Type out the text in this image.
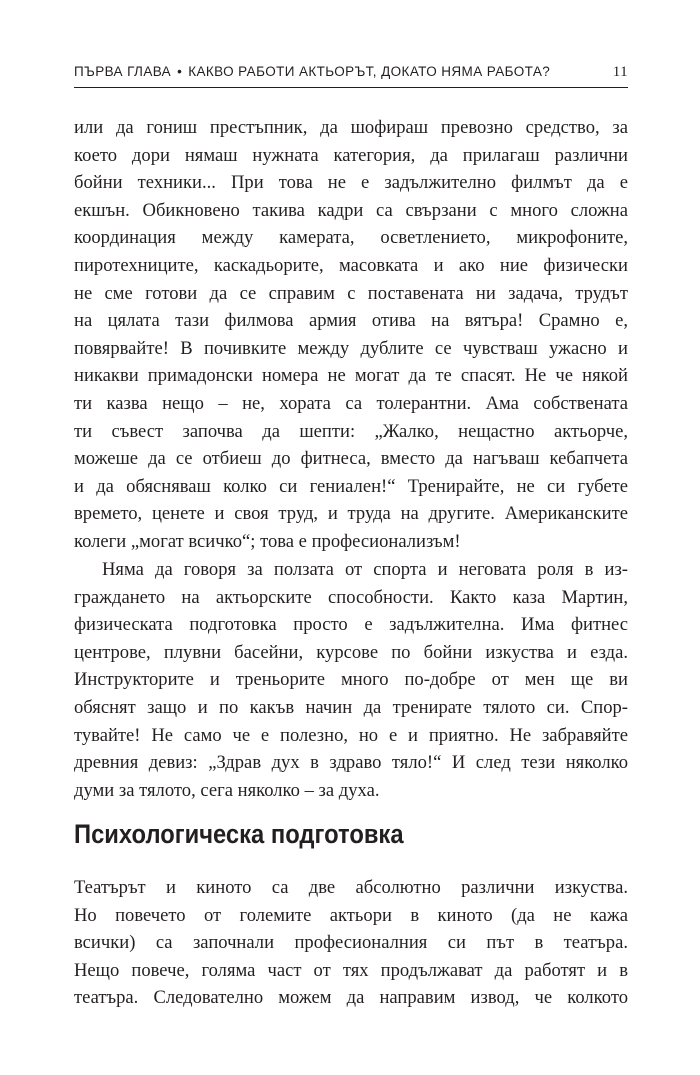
ПЪРВА ГЛАВА • КАКВО РАБОТИ АКТЬОРЪТ, ДОКАТО НЯМА РАБОТА?	11
или да гониш престъпник, да шофираш превозно средство, за
което дори нямаш нужната категория, да прилагаш различни
бойни техники... При това не е задължително филмът да е
екшън. Обикновено такива кадри са свързани с много сложна
координация между камерата, осветлението, микрофоните,
пиротехниците, каскадьорите, масовката и ако ние физически
не сме готови да се справим с поставената ни задача, трудът
на цялата тази филмова армия отива на вятъра! Срамно е,
повярвайте! В почивките между дублите се чувстваш ужасно и
никакви примадонски номера не могат да те спасят. Не че някой
ти казва нещо – не, хората са толерантни. Ама собствената
ти съвест започва да шепти: „Жалко, нещастно актьорче,
можеше да се отбиеш до фитнеса, вместо да нагъваш кебапчета
и да обясняваш колко си гениален!“ Тренирайте, не си губете
времето, ценете и своя труд, и труда на другите. Американските
колеги „могат всичко“; това е професионализъм!
Няма да говоря за ползата от спорта и неговата роля в из-
граждането на актьорските способности. Както каза Мартин,
физическата подготовка просто е задължителна. Има фитнес
центрове, плувни басейни, курсове по бойни изкуства и езда.
Инструкторите и треньорите много по-добре от мен ще ви
обяснят защо и по какъв начин да тренирате тялото си. Спор-
тувайте! Не само че е полезно, но е и приятно. Не забравяйте
древния девиз: „Здрав дух в здраво тяло!“ И след тези няколко
думи за тялото, сега няколко – за духа.
Психологическа подготовка
Театърът и киното са две абсолютно различни изкуства.
Но повечето от големите актьори в киното (да не кажа
всички) са започнали професионалния си път в театъра.
Нещо повече, голяма част от тях продължават да работят и в
театъра. Следователно можем да направим извод, че колкото
